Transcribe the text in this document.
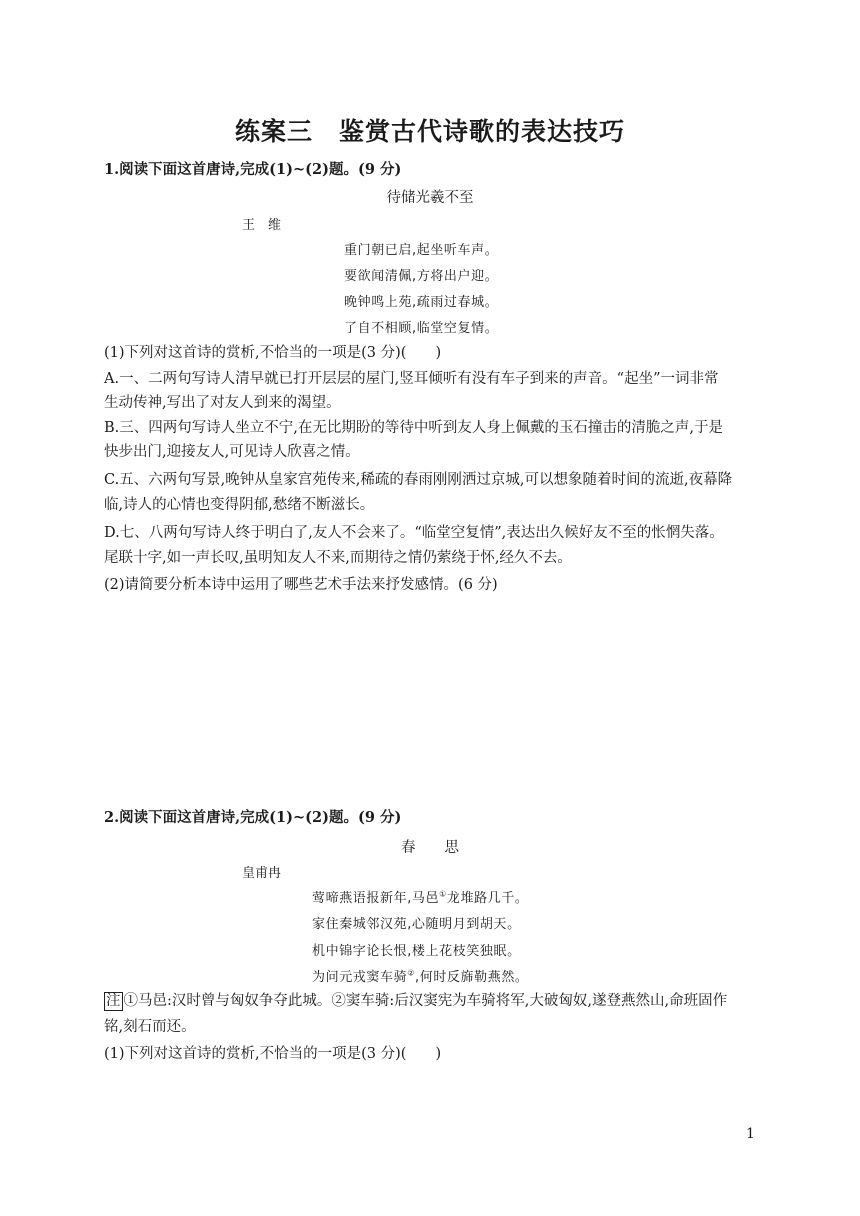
练案三　鉴赏古代诗歌的表达技巧
1.阅读下面这首唐诗,完成(1)~(2)题。(9 分)
待储光羲不至
王　维
重门朝已启,起坐听车声。
要欲闻清佩,方将出户迎。
晚钟鸣上苑,疏雨过春城。
了自不相顾,临堂空复情。
(1)下列对这首诗的赏析,不恰当的一项是(3 分)(　　)
A.一、二两句写诗人清早就已打开层层的屋门,竖耳倾听有没有车子到来的声音。“起坐”一词非常
生动传神,写出了对友人到来的渴望。
B.三、四两句写诗人坐立不宁,在无比期盼的等待中听到友人身上佩戴的玉石撞击的清脆之声,于是
快步出门,迎接友人,可见诗人欣喜之情。
C.五、六两句写景,晚钟从皇家宫苑传来,稀疏的春雨刚刚洒过京城,可以想象随着时间的流逝,夜幕降
临,诗人的心情也变得阴郁,愁绪不断滋长。
D.七、八两句写诗人终于明白了,友人不会来了。“临堂空复情”,表达出久候好友不至的怅惘失落。
尾联十字,如一声长叹,虽明知友人不来,而期待之情仍萦绕于怀,经久不去。
(2)请简要分析本诗中运用了哪些艺术手法来抒发感情。(6 分)
2.阅读下面这首唐诗,完成(1)~(2)题。(9 分)
春　　思
皇甫冉
莺啼燕语报新年,马邑①龙堆路几千。
家住秦城邻汉苑,心随明月到胡天。
机中锦字论长恨,楼上花枝笑独眠。
为问元戎窦车骑②,何时反旆勒燕然。
注 ①马邑:汉时曾与匈奴争夺此城。②窦车骑:后汉窦宪为车骑将军,大破匈奴,遂登燕然山,命班固作
铭,刻石而还。
(1)下列对这首诗的赏析,不恰当的一项是(3 分)(　　)
1
